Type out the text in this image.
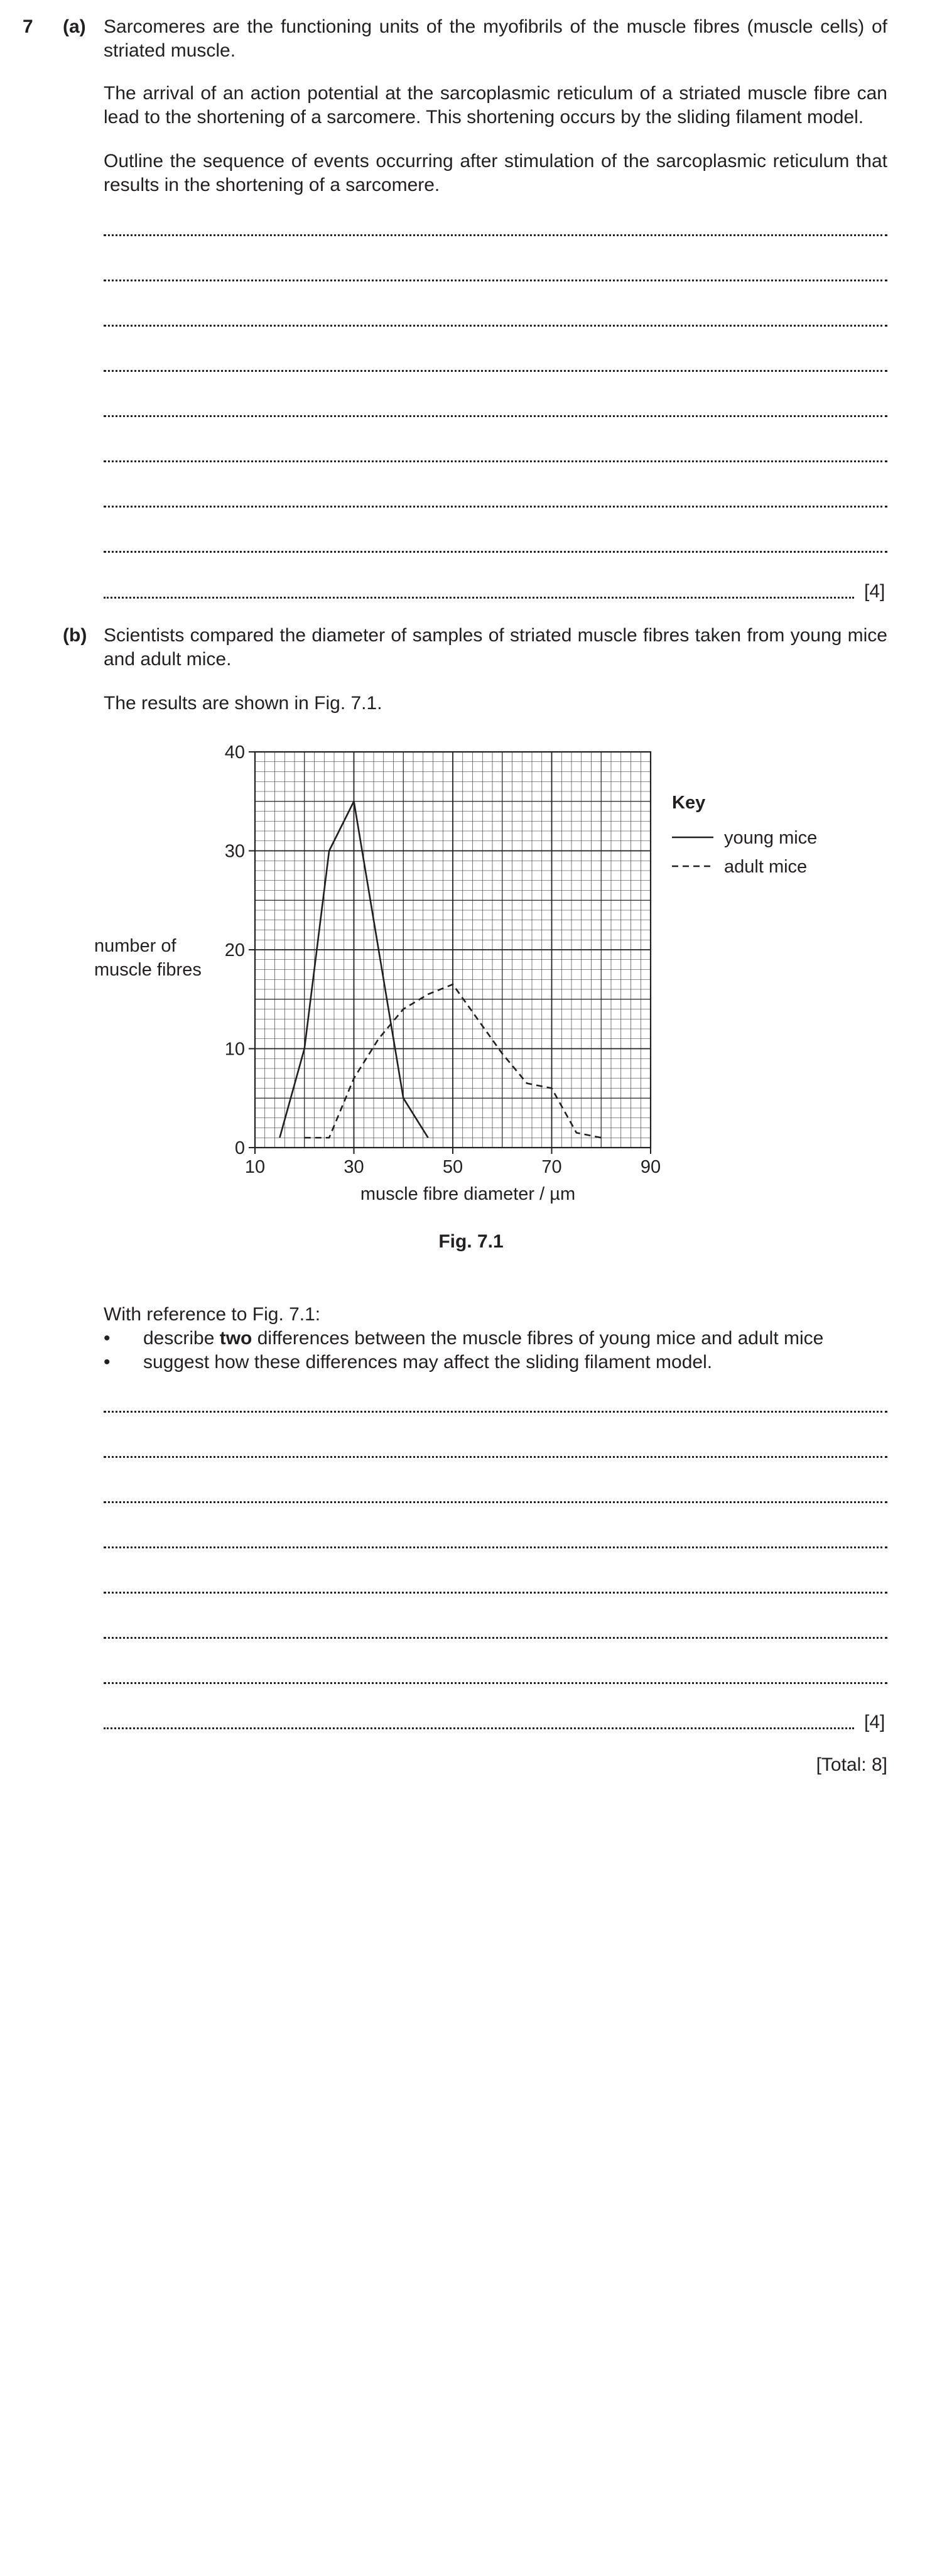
7 (a) Sarcomeres are the functioning units of the myofibrils of the muscle fibres (muscle cells) of striated muscle.
The arrival of an action potential at the sarcoplasmic reticulum of a striated muscle fibre can lead to the shortening of a sarcomere. This shortening occurs by the sliding filament model.
Outline the sequence of events occurring after stimulation of the sarcoplasmic reticulum that results in the shortening of a sarcomere.
[4]
(b) Scientists compared the diameter of samples of striated muscle fibres taken from young mice and adult mice.
The results are shown in Fig. 7.1.
10	30	50	70	90
0
10
20
30
40
number of
muscle fibres
muscle fibre diameter / µm
Key
young mice
adult mice
Fig. 7.1
With reference to Fig. 7.1:
• describe two differences between the muscle fibres of young mice and adult mice
• suggest how these differences may affect the sliding filament model.
[4]
[Total: 8]
